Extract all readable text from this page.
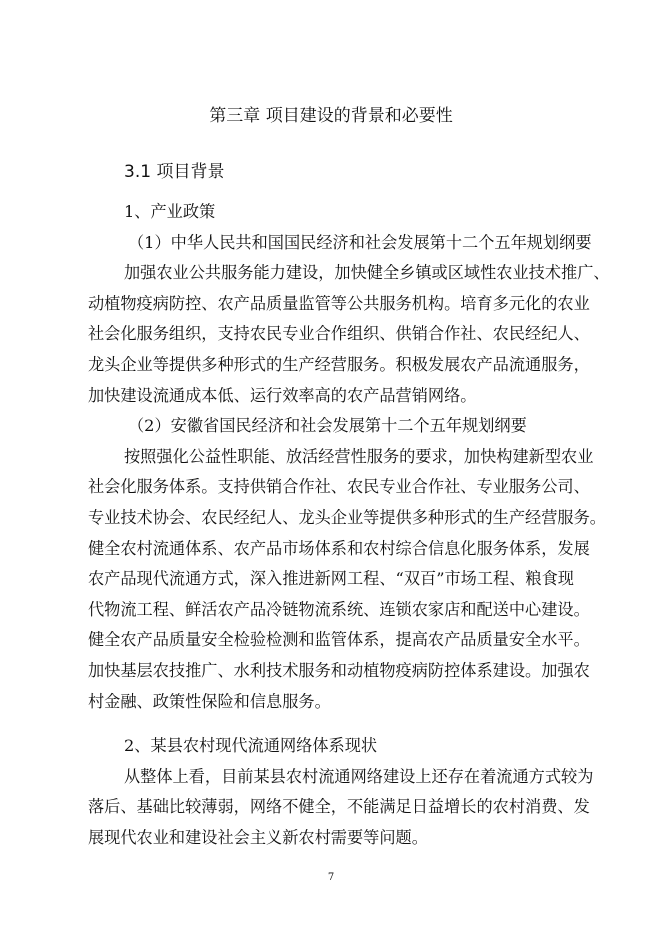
第三章 项目建设的背景和必要性
3.1 项目背景
1、产业政策
（1）中华人民共和国国民经济和社会发展第十二个五年规划纲要
加强农业公共服务能力建设，加快健全乡镇或区域性农业技术推广、
动植物疫病防控、农产品质量监管等公共服务机构。培育多元化的农业
社会化服务组织，支持农民专业合作组织、供销合作社、农民经纪人、
龙头企业等提供多种形式的生产经营服务。积极发展农产品流通服务，
加快建设流通成本低、运行效率高的农产品营销网络。
（2）安徽省国民经济和社会发展第十二个五年规划纲要
按照强化公益性职能、放活经营性服务的要求，加快构建新型农业
社会化服务体系。支持供销合作社、农民专业合作社、专业服务公司、
专业技术协会、农民经纪人、龙头企业等提供多种形式的生产经营服务。
健全农村流通体系、农产品市场体系和农村综合信息化服务体系，发展
农产品现代流通方式，深入推进新网工程、“双百”市场工程、粮食现
代物流工程、鲜活农产品冷链物流系统、连锁农家店和配送中心建设。
健全农产品质量安全检验检测和监管体系，提高农产品质量安全水平。
加快基层农技推广、水利技术服务和动植物疫病防控体系建设。加强农
村金融、政策性保险和信息服务。
2、某县农村现代流通网络体系现状
从整体上看，目前某县农村流通网络建设上还存在着流通方式较为
落后、基础比较薄弱，网络不健全，不能满足日益增长的农村消费、发
展现代农业和建设社会主义新农村需要等问题。
7
